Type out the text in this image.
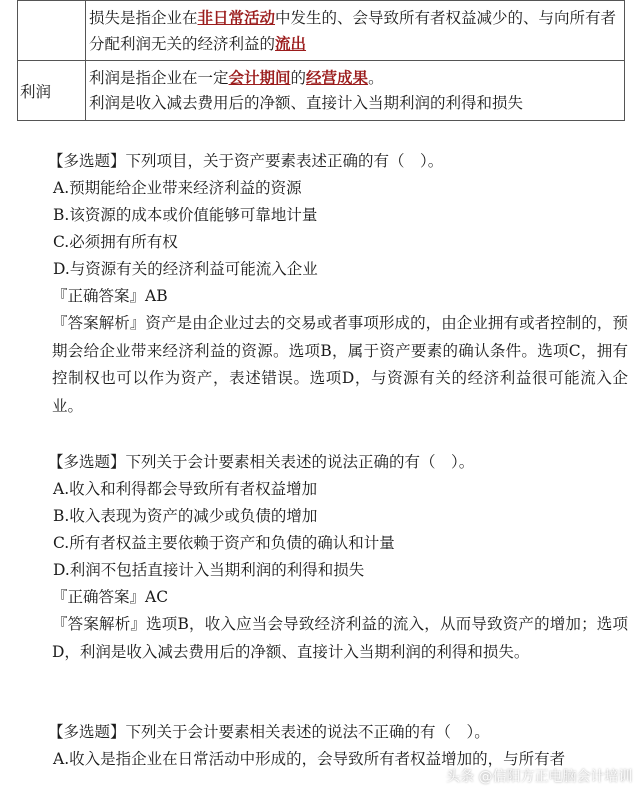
	损失是指企业在非日常活动中发生的、会导致所有者权益减少的、与向所有者分配利润无关的经济利益的流出
利润	利润是指企业在一定会计期间的经营成果。
利润是收入减去费用后的净额、直接计入当期利润的利得和损失
【多选题】下列项目，关于资产要素表述正确的有（　）。
A.预期能给企业带来经济利益的资源
B.该资源的成本或价值能够可靠地计量
C.必须拥有所有权
D.与资源有关的经济利益可能流入企业
『正确答案』AB
『答案解析』资产是由企业过去的交易或者事项形成的，由企业拥有或者控制的，预期会给企业带来经济利益的资源。选项B，属于资产要素的确认条件。选项C，拥有控制权也可以作为资产，表述错误。选项D，与资源有关的经济利益很可能流入企业。
【多选题】下列关于会计要素相关表述的说法正确的有（　）。
A.收入和利得都会导致所有者权益增加
B.收入表现为资产的减少或负债的增加
C.所有者权益主要依赖于资产和负债的确认和计量
D.利润不包括直接计入当期利润的利得和损失
『正确答案』AC
『答案解析』选项B，收入应当会导致经济利益的流入，从而导致资产的增加；选项D，利润是收入减去费用后的净额、直接计入当期利润的利得和损失。
【多选题】下列关于会计要素相关表述的说法不正确的有（　）。
A.收入是指企业在日常活动中形成的，会导致所有者权益增加的，与所有者
头条 @信阳方正电脑会计培训
